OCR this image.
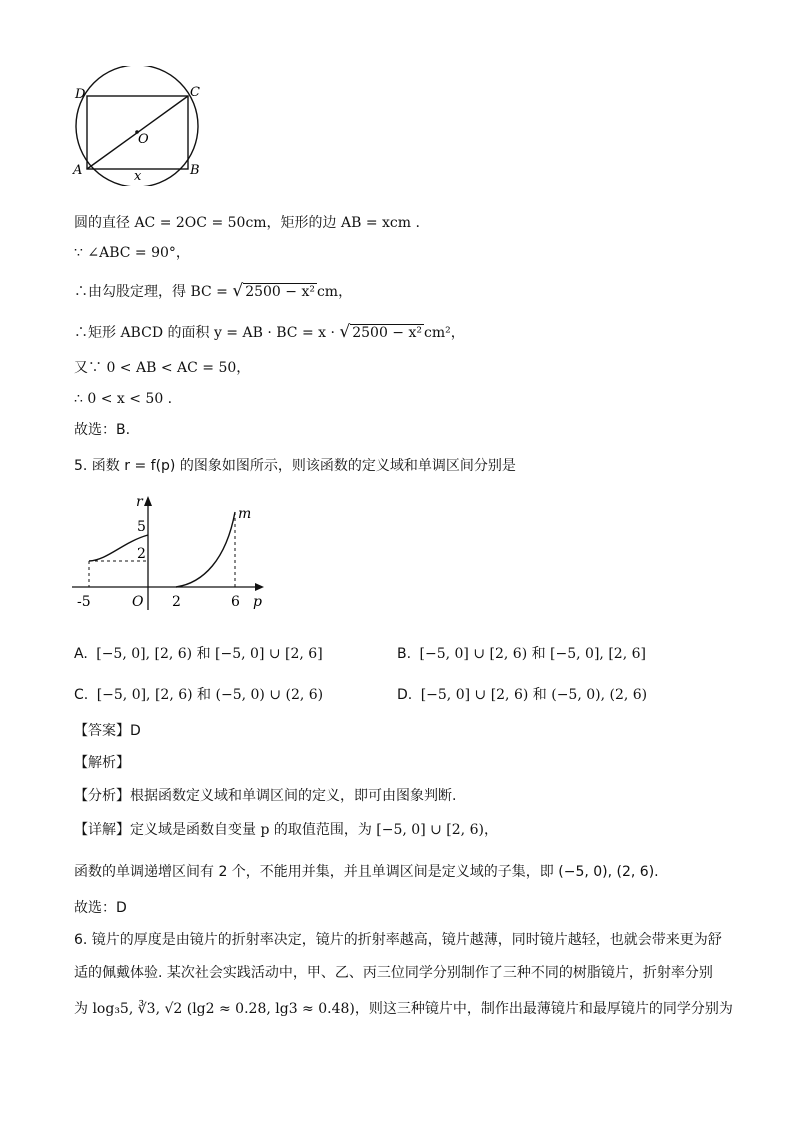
D	C
O
A	B
x
圆的直径 AC = 2OC = 50cm，矩形的边 AB = xcm .
∵ ∠ABC = 90°，
∴由勾股定理，得 BC = √ 2500 − x² cm，
∴矩形 ABCD 的面积 y = AB · BC = x · √ 2500 − x² cm²，
又∵ 0 < AB < AC = 50，
∴ 0 < x < 50 .
故选：B.
5. 函数 r = f(p) 的图象如图所示，则该函数的定义域和单调区间分别是
r
m
5
2
-5	O 2	6 p
A. [−5, 0], [2, 6) 和 [−5, 0] ∪ [2, 6]	B. [−5, 0] ∪ [2, 6) 和 [−5, 0], [2, 6]
C. [−5, 0], [2, 6) 和 (−5, 0) ∪ (2, 6)	D. [−5, 0] ∪ [2, 6) 和 (−5, 0), (2, 6)
【答案】D
【解析】
【分析】根据函数定义域和单调区间的定义，即可由图象判断.
【详解】定义域是函数自变量 p 的取值范围，为 [−5, 0] ∪ [2, 6)，
函数的单调递增区间有 2 个，不能用并集，并且单调区间是定义域的子集，即 (−5, 0), (2, 6).
故选：D
6. 镜片的厚度是由镜片的折射率决定，镜片的折射率越高，镜片越薄，同时镜片越轻，也就会带来更为舒
适的佩戴体验. 某次社会实践活动中，甲、乙、丙三位同学分别制作了三种不同的树脂镜片，折射率分别
为 log₃5, ∛3, √2 (lg2 ≈ 0.28, lg3 ≈ 0.48)，则这三种镜片中，制作出最薄镜片和最厚镜片的同学分别为
